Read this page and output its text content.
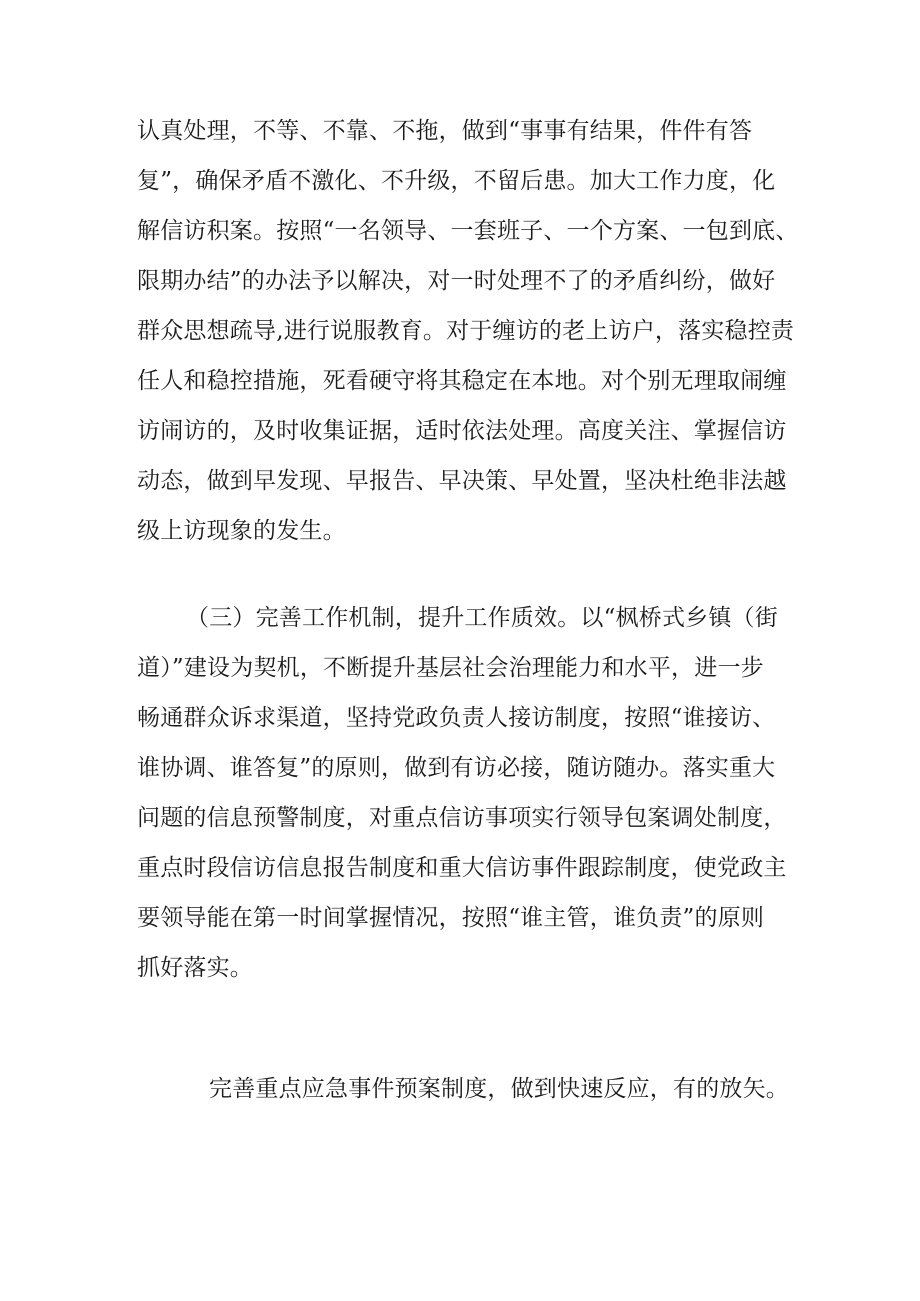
认真处理，不等、不靠、不拖，做到“事事有结果，件件有答

复”，确保矛盾不激化、不升级，不留后患。加大工作力度，化

解信访积案。按照“一名领导、一套班子、一个方案、一包到底、

限期办结”的办法予以解决，对一时处理不了的矛盾纠纷，做好

群众思想疏导,进行说服教育。对于缠访的老上访户，落实稳控责

任人和稳控措施，死看硬守将其稳定在本地。对个别无理取闹缠

访闹访的，及时收集证据，适时依法处理。高度关注、掌握信访

动态，做到早发现、早报告、早决策、早处置，坚决杜绝非法越

级上访现象的发生。

（三）完善工作机制，提升工作质效。以“枫桥式乡镇（街

道）”建设为契机，不断提升基层社会治理能力和水平，进一步

畅通群众诉求渠道，坚持党政负责人接访制度，按照“谁接访、

谁协调、谁答复”的原则，做到有访必接，随访随办。落实重大

问题的信息预警制度，对重点信访事项实行领导包案调处制度，

重点时段信访信息报告制度和重大信访事件跟踪制度，使党政主

要领导能在第一时间掌握情况，按照“谁主管，谁负责”的原则

抓好落实。

完善重点应急事件预案制度，做到快速反应，有的放矢。
